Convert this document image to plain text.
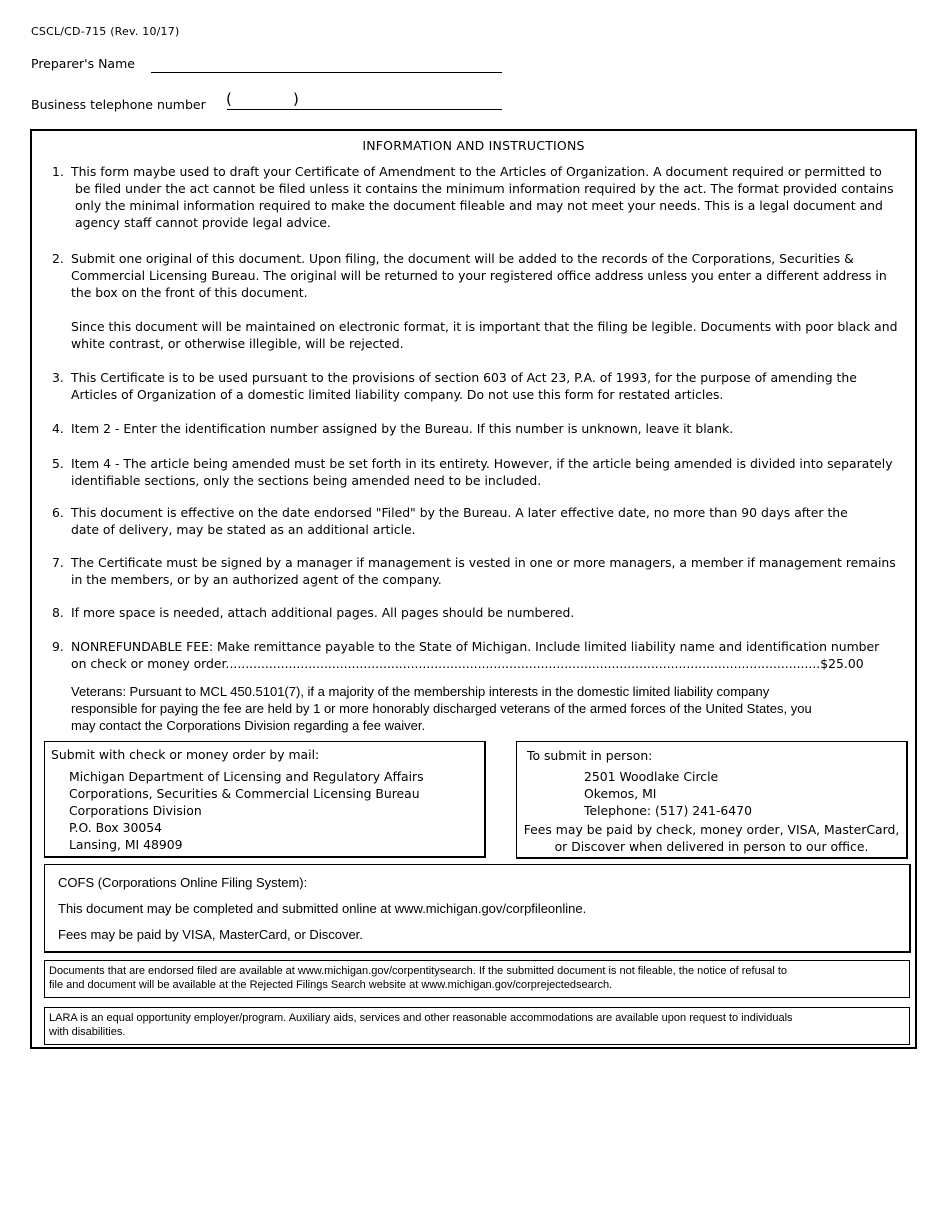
CSCL/CD-715 (Rev. 10/17)
Preparer's Name
Business telephone number (	)
INFORMATION AND INSTRUCTIONS
1. This form maybe used to draft your Certificate of Amendment to the Articles of Organization. A document required or permitted to
be filed under the act cannot be filed unless it contains the minimum information required by the act. The format provided contains
only the minimal information required to make the document fileable and may not meet your needs. This is a legal document and
agency staff cannot provide legal advice.
2. Submit one original of this document. Upon filing, the document will be added to the records of the Corporations, Securities &
Commercial Licensing Bureau. The original will be returned to your registered office address unless you enter a different address in
the box on the front of this document.
Since this document will be maintained on electronic format, it is important that the filing be legible. Documents with poor black and
white contrast, or otherwise illegible, will be rejected.
3. This Certificate is to be used pursuant to the provisions of section 603 of Act 23, P.A. of 1993, for the purpose of amending the
Articles of Organization of a domestic limited liability company. Do not use this form for restated articles.
4. Item 2 - Enter the identification number assigned by the Bureau. If this number is unknown, leave it blank.
5. Item 4 - The article being amended must be set forth in its entirety. However, if the article being amended is divided into separately
identifiable sections, only the sections being amended need to be included.
6. This document is effective on the date endorsed "Filed" by the Bureau. A later effective date, no more than 90 days after the
date of delivery, may be stated as an additional article.
7. The Certificate must be signed by a manager if management is vested in one or more managers, a member if management remains
in the members, or by an authorized agent of the company.
8. If more space is needed, attach additional pages. All pages should be numbered.
9. NONREFUNDABLE FEE: Make remittance payable to the State of Michigan. Include limited liability name and identification number
on check or money order.......................................................................................................................................................$25.00
Veterans: Pursuant to MCL 450.5101(7), if a majority of the membership interests in the domestic limited liability company
responsible for paying the fee are held by 1 or more honorably discharged veterans of the armed forces of the United States, you
may contact the Corporations Division regarding a fee waiver.
Submit with check or money order by mail:
Michigan Department of Licensing and Regulatory Affairs
Corporations, Securities & Commercial Licensing Bureau
Corporations Division
P.O. Box 30054
Lansing, MI 48909
To submit in person:
2501 Woodlake Circle
Okemos, MI
Telephone: (517) 241-6470
Fees may be paid by check, money order, VISA, MasterCard,
or Discover when delivered in person to our office.
COFS (Corporations Online Filing System):
This document may be completed and submitted online at www.michigan.gov/corpfileonline.
Fees may be paid by VISA, MasterCard, or Discover.
Documents that are endorsed filed are available at www.michigan.gov/corpentitysearch. If the submitted document is not fileable, the notice of refusal to
file and document will be available at the Rejected Filings Search website at www.michigan.gov/corprejectedsearch.
LARA is an equal opportunity employer/program. Auxiliary aids, services and other reasonable accommodations are available upon request to individuals
with disabilities.
